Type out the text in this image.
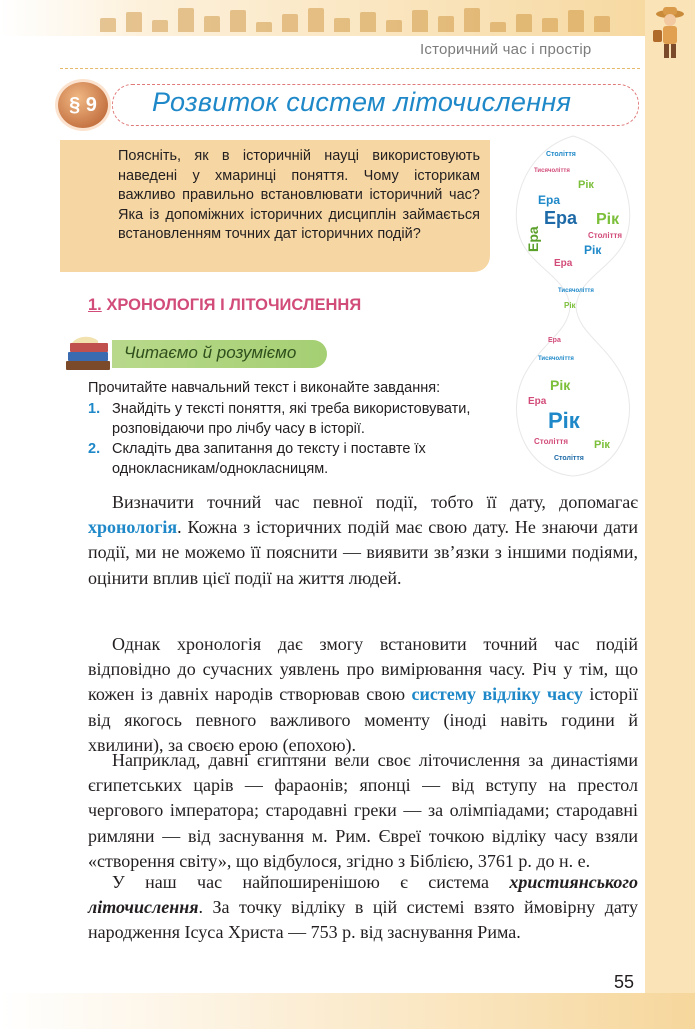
Історичний час і простір
§ 9	Розвиток систем літочислення
Поясніть, як в історичній науці використовують наведені у хмаринці поняття. Чому історикам важливо правильно встановлювати історичний час? Яка із допоміжних історичних дисциплін займається встановленням точних дат історичних подій?
Століття
Тисячоліття
Рік
Ера
Ера Рік
Століття
Ера	Рік
Ера
Тисячоліття
Рік
Ера
Тисячоліття
Рік
Ера
Рік
Століття Рік
Століття
1. ХРОНОЛОГІЯ І ЛІТОЧИСЛЕННЯ
Читаємо й розуміємо
Прочитайте навчальний текст і виконайте завдання:
1. Знайдіть у тексті поняття, які треба використовувати, розповідаючи про лічбу часу в історії.
2. Складіть два запитання до тексту і поставте їх однокласникам/однокласницям.
Визначити точний час певної події, тобто її дату, допомагає хронологія. Кожна з історичних подій має свою дату. Не знаючи дати події, ми не можемо її пояснити — виявити зв’язки з іншими подіями, оцінити вплив цієї події на життя людей.
Однак хронологія дає змогу встановити точний час подій відповідно до сучасних уявлень про вимірювання часу. Річ у тім, що кожен із давніх народів створював свою систему відліку часу історії від якогось певного важливого моменту (іноді навіть години й хвилини), за своєю ерою (епохою).
Наприклад, давні єгиптяни вели своє літочислення за династіями єгипетських царів — фараонів; японці — від вступу на престол чергового імператора; стародавні греки — за олімпіадами; стародавні римляни — від заснування м. Рим. Євреї точкою відліку часу взяли «створення світу», що відбулося, згідно з Біблією, 3761 р. до н. е.
У наш час найпоширенішою є система християнського літочислення. За точку відліку в цій системі взято ймовірну дату народження Ісуса Христа — 753 р. від заснування Рима.
55
